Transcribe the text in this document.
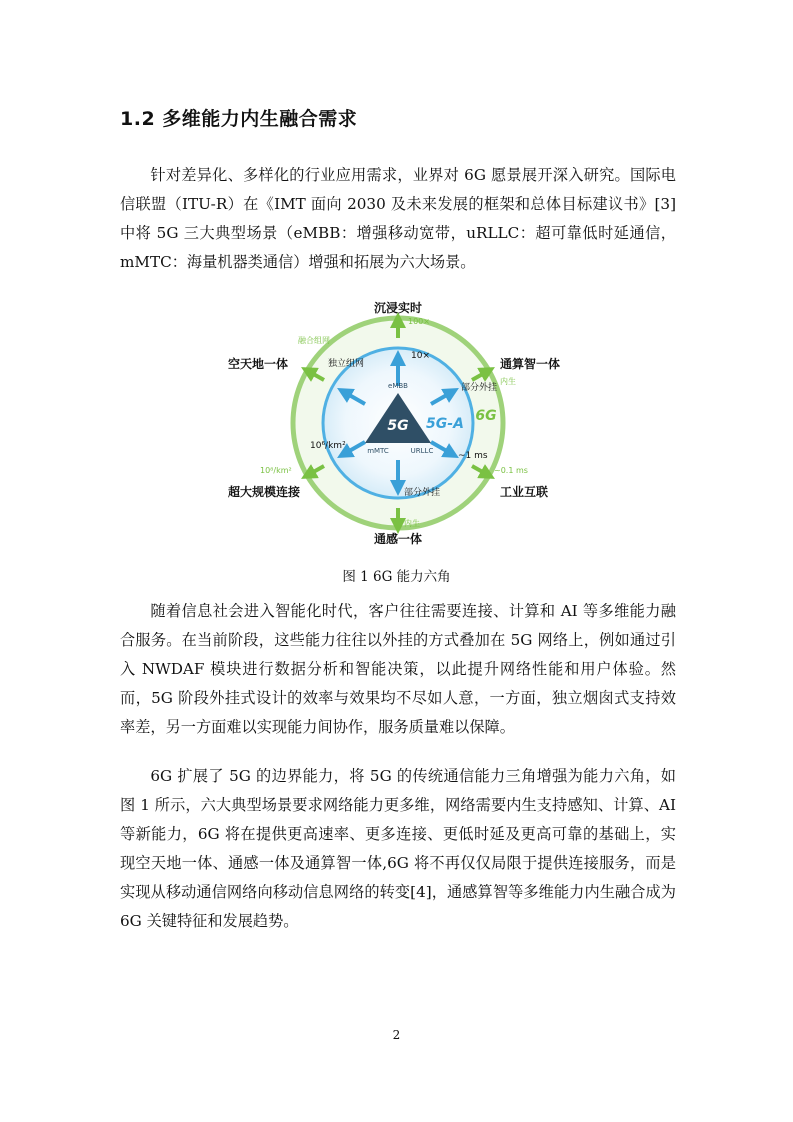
1.2 多维能力内生融合需求

针对差异化、多样化的行业应用需求，业界对 6G 愿景展开深入研究。国际电信联盟（ITU-R）在《IMT 面向 2030 及未来发展的框架和总体目标建议书》[3]中将 5G 三大典型场景（eMBB：增强移动宽带，uRLLC：超可靠低时延通信，mMTC：海量机器类通信）增强和拓展为六大场景。

5G
eMBB
mMTC	URLLC
5G-A 6G
10×
100×
独立组网
融合组网
部分外挂
内生
~1 ms
~0.1 ms
部分外挂
内生
10⁶/km²
10⁸/km²
沉浸实时
通算智一体
工业互联
通感一体
超大规模连接
空天地一体
图 1 6G 能力六角

随着信息社会进入智能化时代，客户往往需要连接、计算和 AI 等多维能力融合服务。在当前阶段，这些能力往往以外挂的方式叠加在 5G 网络上，例如通过引入 NWDAF 模块进行数据分析和智能决策，以此提升网络性能和用户体验。然而，5G 阶段外挂式设计的效率与效果均不尽如人意，一方面，独立烟囱式支持效率差，另一方面难以实现能力间协作，服务质量难以保障。

6G 扩展了 5G 的边界能力，将 5G 的传统通信能力三角增强为能力六角，如图 1 所示，六大典型场景要求网络能力更多维，网络需要内生支持感知、计算、AI 等新能力，6G 将在提供更高速率、更多连接、更低时延及更高可靠的基础上，实现空天地一体、通感一体及通算智一体,6G 将不再仅仅局限于提供连接服务，而是实现从移动通信网络向移动信息网络的转变[4]，通感算智等多维能力内生融合成为 6G 关键特征和发展趋势。

2
